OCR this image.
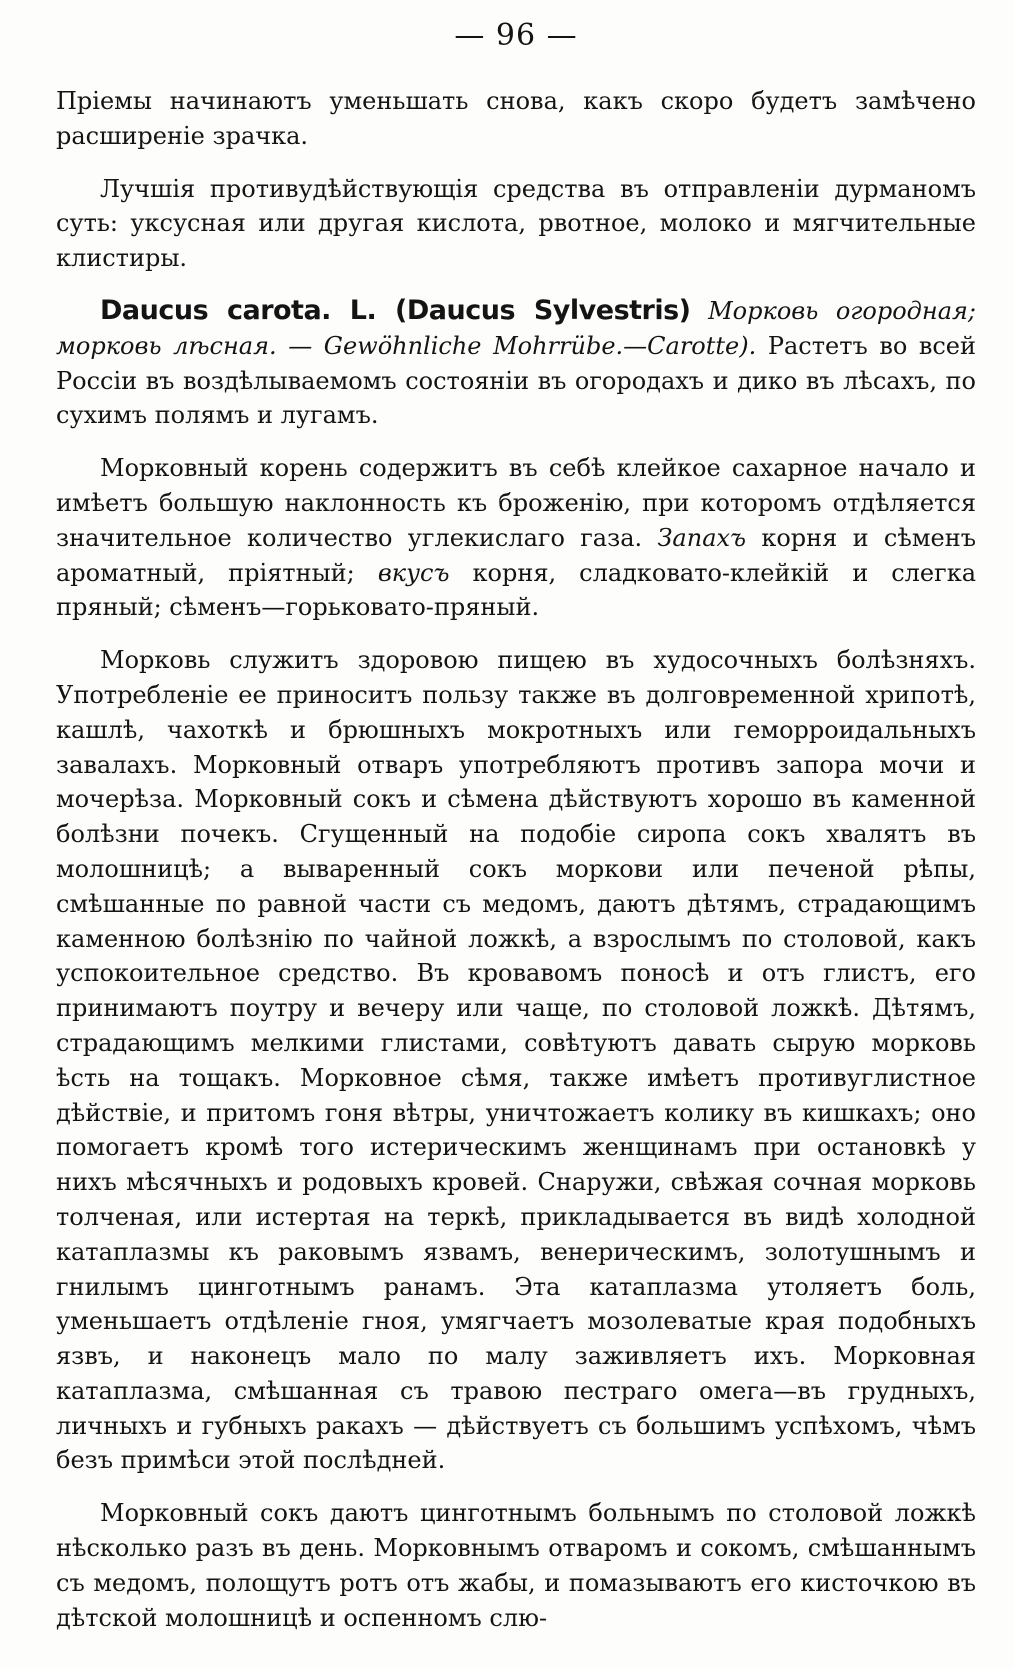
— 96 —

Пріемы начинаютъ уменьшать снова, какъ скоро будетъ замѣчено расширеніе зрачка.

Лучшія противудѣйствующія средства въ отправленіи дурманомъ суть: уксусная или другая кислота, рвотное, молоко и мягчительные клистиры.

Daucus carota. L. (Daucus Sylvestris) Морковь огородная; морковь лѣсная. — Gewöhnliche Mohrrübe.—Carotte). Растетъ во всей Россіи въ воздѣлываемомъ состояніи въ огородахъ и дико въ лѣсахъ, по сухимъ полямъ и лугамъ.

Морковный корень содержитъ въ себѣ клейкое сахарное начало и имѣетъ большую наклонность къ броженію, при которомъ отдѣляется значительное количество углекислаго газа. Запахъ корня и сѣменъ ароматный, пріятный; вкусъ корня, сладковато-клейкій и слегка пряный; сѣменъ—горьковато-пряный.

Морковь служитъ здоровою пищею въ худосочныхъ болѣзняхъ. Употребленіе ее приноситъ пользу также въ долговременной хрипотѣ, кашлѣ, чахоткѣ и брюшныхъ мокротныхъ или геморроидальныхъ завалахъ. Морковный отваръ употребляютъ противъ запора мочи и мочерѣза. Морковный сокъ и сѣмена дѣйствуютъ хорошо въ каменной болѣзни почекъ. Сгущенный на подобіе сиропа сокъ хвалятъ въ молошницѣ; а вываренный сокъ моркови или печеной рѣпы, смѣшанные по равной части съ медомъ, даютъ дѣтямъ, страдающимъ каменною болѣзнію по чайной ложкѣ, а взрослымъ по столовой, какъ успокоительное средство. Въ кровавомъ поносѣ и отъ глистъ, его принимаютъ поутру и вечеру или чаще, по столовой ложкѣ. Дѣтямъ, страдающимъ мелкими глистами, совѣтуютъ давать сырую морковь ѣсть на тощакъ. Морковное сѣмя, также имѣетъ противуглистное дѣйствіе, и притомъ гоня вѣтры, уничтожаетъ колику въ кишкахъ; оно помогаетъ кромѣ того истерическимъ женщинамъ при остановкѣ у нихъ мѣсячныхъ и родовыхъ кровей. Снаружи, свѣжая сочная морковь толченая, или истертая на теркѣ, прикладывается въ видѣ холодной катаплазмы къ раковымъ язвамъ, венерическимъ, золотушнымъ и гнилымъ цинготнымъ ранамъ. Эта катаплазма утоляетъ боль, уменьшаетъ отдѣленіе гноя, умягчаетъ мозолеватые края подобныхъ язвъ, и наконецъ мало по малу заживляетъ ихъ. Морковная катаплазма, смѣшанная съ травою пестраго омега—въ грудныхъ, личныхъ и губныхъ ракахъ — дѣйствуетъ съ большимъ успѣхомъ, чѣмъ безъ примѣси этой послѣдней.

Морковный сокъ даютъ цинготнымъ больнымъ по столовой ложкѣ нѣсколько разъ въ день. Морковнымъ отваромъ и сокомъ, смѣшаннымъ съ медомъ, полощутъ ротъ отъ жабы, и помазываютъ его кисточкою въ дѣтской молошницѣ и оспенномъ слю-
